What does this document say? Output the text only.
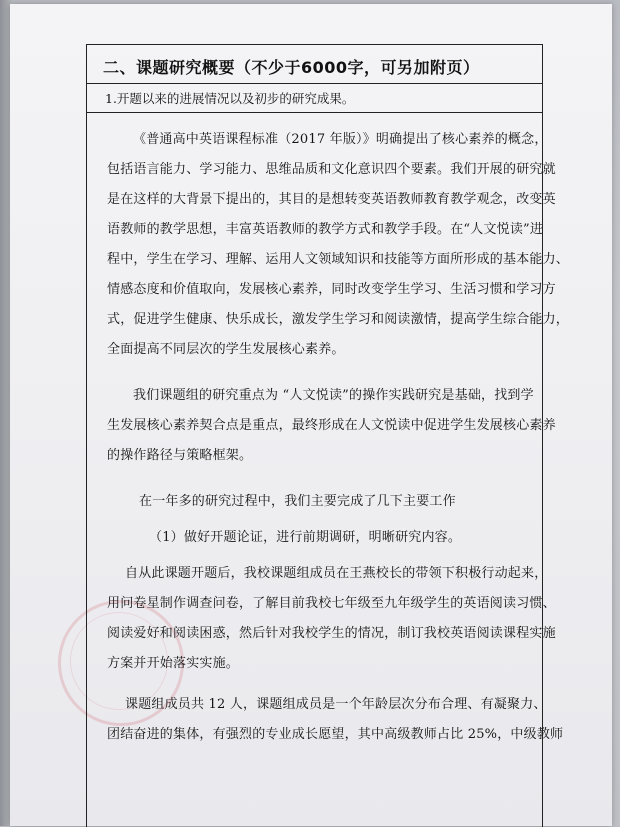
二、课题研究概要（不少于6000字，可另加附页）
1.开题以来的进展情况以及初步的研究成果。
《普通高中英语课程标准（2017 年版）》明确提出了核心素养的概念，
包括语言能力、学习能力、思维品质和文化意识四个要素。我们开展的研究就
是在这样的大背景下提出的，其目的是想转变英语教师教育教学观念，改变英
语教师的教学思想，丰富英语教师的教学方式和教学手段。在“人文悦读”进
程中，学生在学习、理解、运用人文领域知识和技能等方面所形成的基本能力、
情感态度和价值取向，发展核心素养，同时改变学生学习、生活习惯和学习方
式，促进学生健康、快乐成长，激发学生学习和阅读激情，提高学生综合能力，
全面提高不同层次的学生发展核心素养。
我们课题组的研究重点为 “人文悦读”的操作实践研究是基础，找到学
生发展核心素养契合点是重点，最终形成在人文悦读中促进学生发展核心素养
的操作路径与策略框架。
在一年多的研究过程中，我们主要完成了几下主要工作
（1）做好开题论证，进行前期调研，明晰研究内容。
自从此课题开题后，我校课题组成员在王燕校长的带领下积极行动起来，
用问卷星制作调查问卷，了解目前我校七年级至九年级学生的英语阅读习惯、
阅读爱好和阅读困惑，然后针对我校学生的情况，制订我校英语阅读课程实施
方案并开始落实实施。
课题组成员共 12 人，课题组成员是一个年龄层次分布合理、有凝聚力、
团结奋进的集体，有强烈的专业成长愿望，其中高级教师占比 25%，中级教师
